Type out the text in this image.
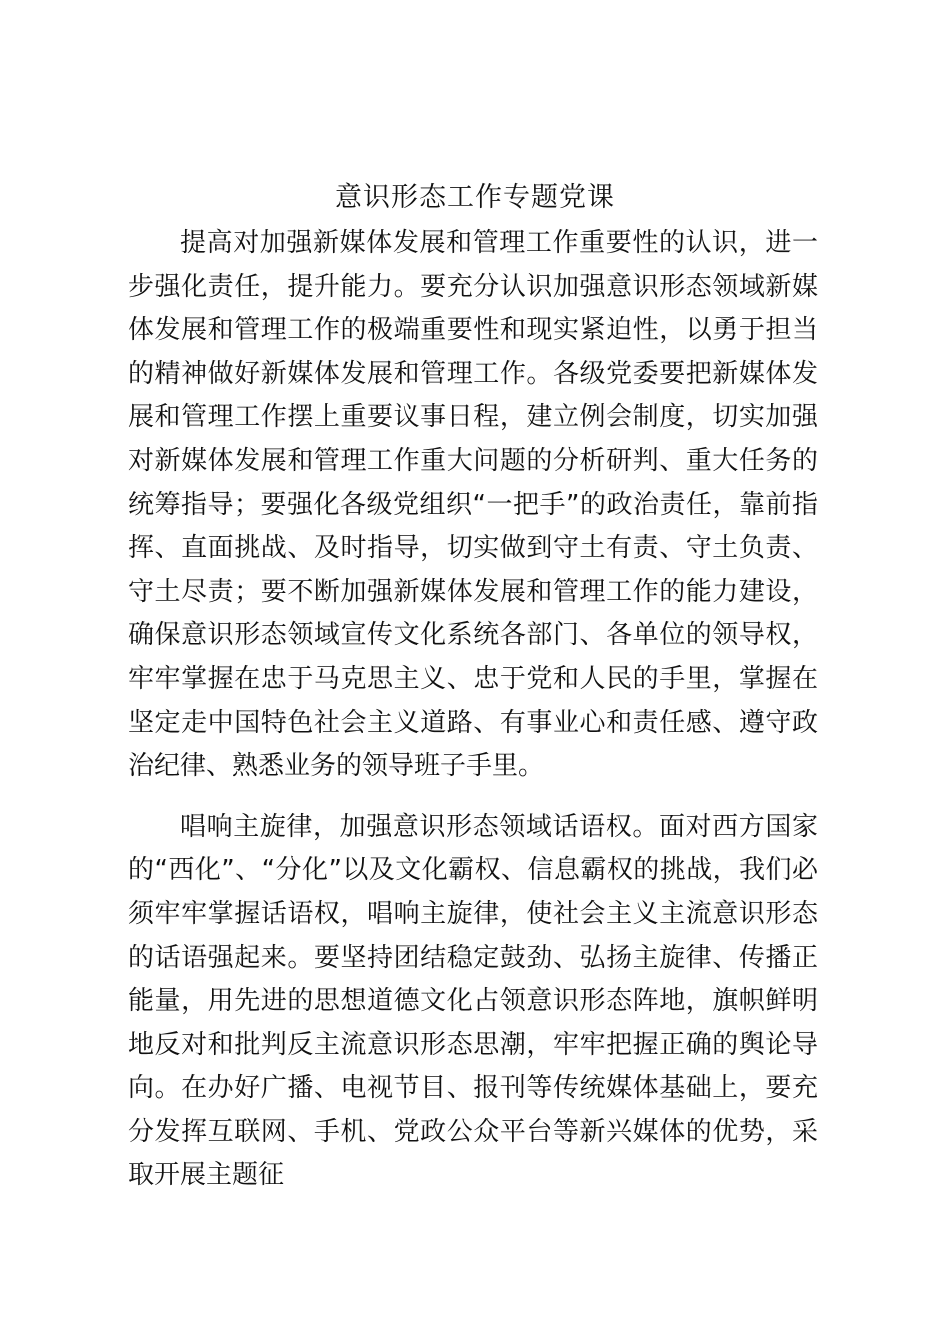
意识形态工作专题党课

提高对加强新媒体发展和管理工作重要性的认识，进一步强化责任，提升能力。要充分认识加强意识形态领域新媒体发展和管理工作的极端重要性和现实紧迫性，以勇于担当的精神做好新媒体发展和管理工作。各级党委要把新媒体发展和管理工作摆上重要议事日程，建立例会制度，切实加强对新媒体发展和管理工作重大问题的分析研判、重大任务的统筹指导；要强化各级党组织“一把手”的政治责任，靠前指挥、直面挑战、及时指导，切实做到守土有责、守土负责、守土尽责；要不断加强新媒体发展和管理工作的能力建设，确保意识形态领域宣传文化系统各部门、各单位的领导权，牢牢掌握在忠于马克思主义、忠于党和人民的手里，掌握在坚定走中国特色社会主义道路、有事业心和责任感、遵守政治纪律、熟悉业务的领导班子手里。

唱响主旋律，加强意识形态领域话语权。面对西方国家的“西化”、“分化”以及文化霸权、信息霸权的挑战，我们必须牢牢掌握话语权，唱响主旋律，使社会主义主流意识形态的话语强起来。要坚持团结稳定鼓劲、弘扬主旋律、传播正能量，用先进的思想道德文化占领意识形态阵地，旗帜鲜明地反对和批判反主流意识形态思潮，牢牢把握正确的舆论导向。在办好广播、电视节目、报刊等传统媒体基础上，要充分发挥互联网、手机、党政公众平台等新兴媒体的优势，采取开展主题征
